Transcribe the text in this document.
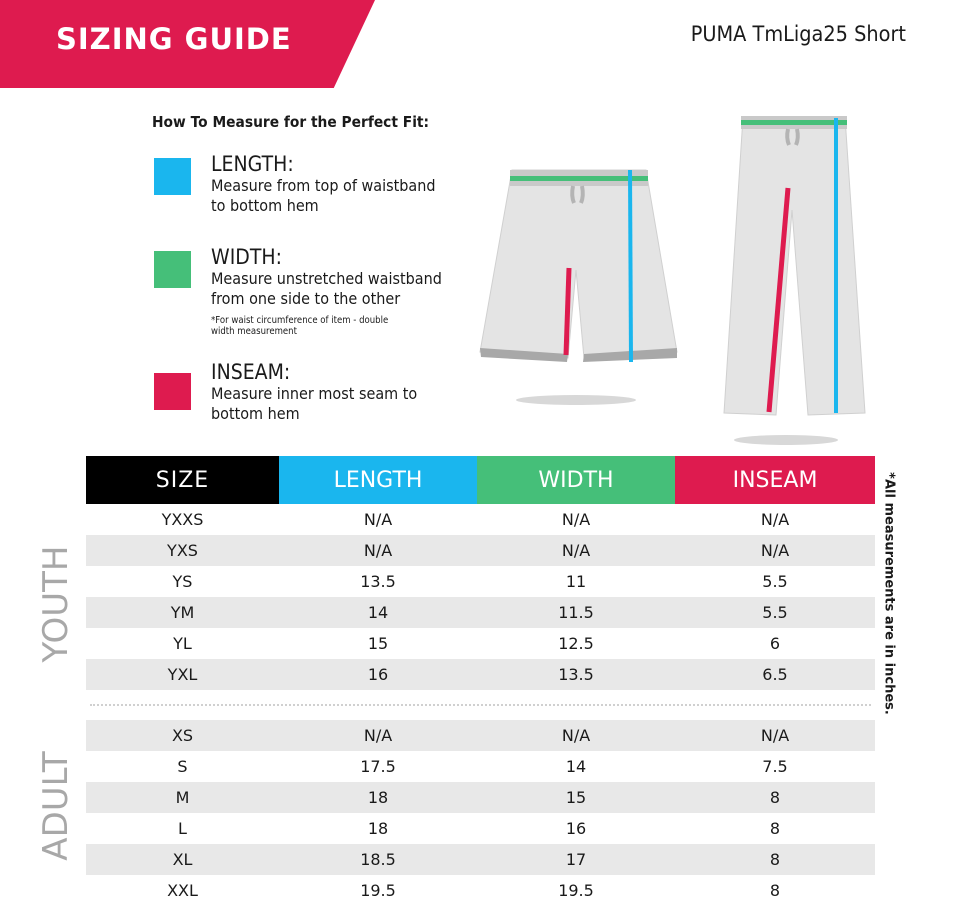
SIZING GUIDE	PUMA TmLiga25 Short
How To Measure for the Perfect Fit:
LENGTH:
Measure from top of waistband
to bottom hem
WIDTH:
Measure unstretched waistband
from one side to the other
*For waist circumference of item - double
width measurement
INSEAM:
Measure inner most seam to
bottom hem
SIZE	LENGTH	WIDTH	INSEAM
YXXS	N/A	N/A	N/A
YXS	N/A	N/A	N/A
YS	13.5	11	5.5
YM	14	11.5	5.5
YL	15	12.5	6
YXL	16	13.5	6.5

XS	N/A	N/A	N/A
S	17.5	14	7.5
M	18	15	8
L	18	16	8
XL	18.5	17	8
XXL	19.5	19.5	8
YOUTH
ADULT
*All measurements are in inches.
